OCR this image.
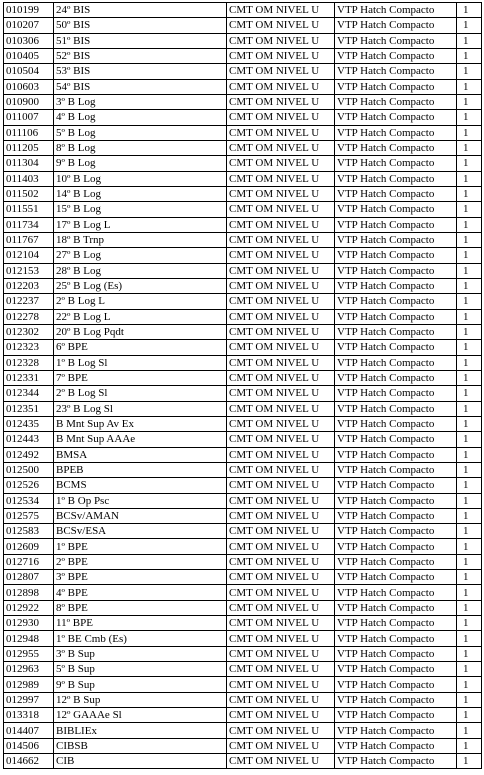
010199	24º BIS	CMT OM NIVEL U	VTP Hatch Compacto	1
010207	50º BIS	CMT OM NIVEL U	VTP Hatch Compacto	1
010306	51º BIS	CMT OM NIVEL U	VTP Hatch Compacto	1
010405	52º BIS	CMT OM NIVEL U	VTP Hatch Compacto	1
010504	53º BIS	CMT OM NIVEL U	VTP Hatch Compacto	1
010603	54º BIS	CMT OM NIVEL U	VTP Hatch Compacto	1
010900	3º B Log	CMT OM NIVEL U	VTP Hatch Compacto	1
011007	4º B Log	CMT OM NIVEL U	VTP Hatch Compacto	1
011106	5º B Log	CMT OM NIVEL U	VTP Hatch Compacto	1
011205	8º B Log	CMT OM NIVEL U	VTP Hatch Compacto	1
011304	9º B Log	CMT OM NIVEL U	VTP Hatch Compacto	1
011403	10º B Log	CMT OM NIVEL U	VTP Hatch Compacto	1
011502	14º B Log	CMT OM NIVEL U	VTP Hatch Compacto	1
011551	15º B Log	CMT OM NIVEL U	VTP Hatch Compacto	1
011734	17º B Log L	CMT OM NIVEL U	VTP Hatch Compacto	1
011767	18º B Trnp	CMT OM NIVEL U	VTP Hatch Compacto	1
012104	27º B Log	CMT OM NIVEL U	VTP Hatch Compacto	1
012153	28º B Log	CMT OM NIVEL U	VTP Hatch Compacto	1
012203	25º B Log (Es)	CMT OM NIVEL U	VTP Hatch Compacto	1
012237	2º B Log L	CMT OM NIVEL U	VTP Hatch Compacto	1
012278	22º B Log L	CMT OM NIVEL U	VTP Hatch Compacto	1
012302	20º B Log Pqdt	CMT OM NIVEL U	VTP Hatch Compacto	1
012323	6º BPE	CMT OM NIVEL U	VTP Hatch Compacto	1
012328	1º B Log Sl	CMT OM NIVEL U	VTP Hatch Compacto	1
012331	7º BPE	CMT OM NIVEL U	VTP Hatch Compacto	1
012344	2º B Log Sl	CMT OM NIVEL U	VTP Hatch Compacto	1
012351	23º B Log Sl	CMT OM NIVEL U	VTP Hatch Compacto	1
012435	B Mnt Sup Av Ex	CMT OM NIVEL U	VTP Hatch Compacto	1
012443	B Mnt Sup AAAe	CMT OM NIVEL U	VTP Hatch Compacto	1
012492	BMSA	CMT OM NIVEL U	VTP Hatch Compacto	1
012500	BPEB	CMT OM NIVEL U	VTP Hatch Compacto	1
012526	BCMS	CMT OM NIVEL U	VTP Hatch Compacto	1
012534	1º B Op Psc	CMT OM NIVEL U	VTP Hatch Compacto	1
012575	BCSv/AMAN	CMT OM NIVEL U	VTP Hatch Compacto	1
012583	BCSv/ESA	CMT OM NIVEL U	VTP Hatch Compacto	1
012609	1º BPE	CMT OM NIVEL U	VTP Hatch Compacto	1
012716	2º BPE	CMT OM NIVEL U	VTP Hatch Compacto	1
012807	3º BPE	CMT OM NIVEL U	VTP Hatch Compacto	1
012898	4º BPE	CMT OM NIVEL U	VTP Hatch Compacto	1
012922	8º BPE	CMT OM NIVEL U	VTP Hatch Compacto	1
012930	11º BPE	CMT OM NIVEL U	VTP Hatch Compacto	1
012948	1º BE Cmb (Es)	CMT OM NIVEL U	VTP Hatch Compacto	1
012955	3º B Sup	CMT OM NIVEL U	VTP Hatch Compacto	1
012963	5º B Sup	CMT OM NIVEL U	VTP Hatch Compacto	1
012989	9º B Sup	CMT OM NIVEL U	VTP Hatch Compacto	1
012997	12º B Sup	CMT OM NIVEL U	VTP Hatch Compacto	1
013318	12º GAAAe Sl	CMT OM NIVEL U	VTP Hatch Compacto	1
014407	BIBLIEx	CMT OM NIVEL U	VTP Hatch Compacto	1
014506	CIBSB	CMT OM NIVEL U	VTP Hatch Compacto	1
014662	CIB	CMT OM NIVEL U	VTP Hatch Compacto	1
